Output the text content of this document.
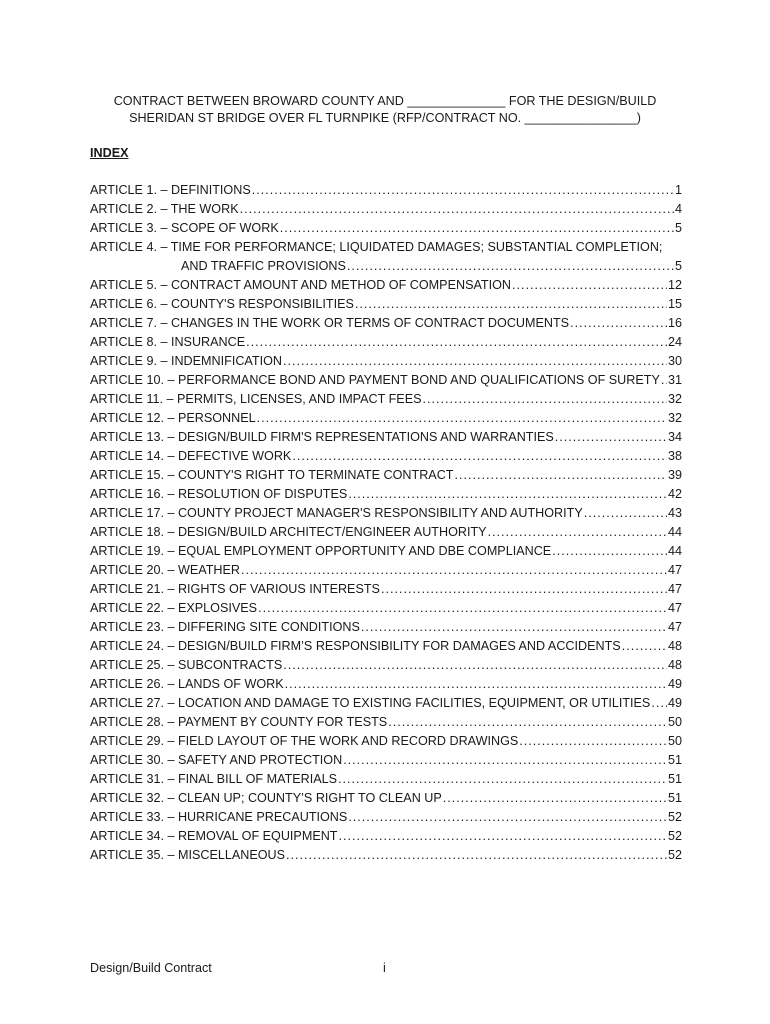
CONTRACT BETWEEN BROWARD COUNTY AND ______________ FOR THE DESIGN/BUILD
SHERIDAN ST BRIDGE OVER FL TURNPIKE (RFP/CONTRACT NO. ________________)
INDEX
ARTICLE 1. – DEFINITIONS .....	1
ARTICLE 2. – THE WORK .....	4
ARTICLE 3. – SCOPE OF WORK .....	5
ARTICLE 4. – TIME FOR PERFORMANCE; LIQUIDATED DAMAGES; SUBSTANTIAL COMPLETION;
AND TRAFFIC PROVISIONS .....	5
ARTICLE 5. – CONTRACT AMOUNT AND METHOD OF COMPENSATION .....	12
ARTICLE 6. – COUNTY'S RESPONSIBILITIES .....	15
ARTICLE 7. – CHANGES IN THE WORK OR TERMS OF CONTRACT DOCUMENTS .....	16
ARTICLE 8. – INSURANCE .....	24
ARTICLE 9. – INDEMNIFICATION .....	30
ARTICLE 10. – PERFORMANCE BOND AND PAYMENT BOND AND QUALIFICATIONS OF SURETY ..... 31
ARTICLE 11. – PERMITS, LICENSES, AND IMPACT FEES .....	32
ARTICLE 12. – PERSONNEL .....	32
ARTICLE 13. – DESIGN/BUILD FIRM'S REPRESENTATIONS AND WARRANTIES .....	34
ARTICLE 14. – DEFECTIVE WORK .....	38
ARTICLE 15. – COUNTY'S RIGHT TO TERMINATE CONTRACT .....	39
ARTICLE 16. – RESOLUTION OF DISPUTES .....	42
ARTICLE 17. – COUNTY PROJECT MANAGER'S RESPONSIBILITY AND AUTHORITY .....	43
ARTICLE 18. – DESIGN/BUILD ARCHITECT/ENGINEER AUTHORITY .....	44
ARTICLE 19. – EQUAL EMPLOYMENT OPPORTUNITY AND DBE COMPLIANCE .....	44
ARTICLE 20. – WEATHER .....	47
ARTICLE 21. – RIGHTS OF VARIOUS INTERESTS .....	47
ARTICLE 22. – EXPLOSIVES .....	47
ARTICLE 23. – DIFFERING SITE CONDITIONS .....	47
ARTICLE 24. – DESIGN/BUILD FIRM’S RESPONSIBILITY FOR DAMAGES AND ACCIDENTS .....	48
ARTICLE 25. – SUBCONTRACTS .....	48
ARTICLE 26. – LANDS OF WORK .....	49
ARTICLE 27. – LOCATION AND DAMAGE TO EXISTING FACILITIES, EQUIPMENT, OR UTILITIES ..... 49
ARTICLE 28. – PAYMENT BY COUNTY FOR TESTS .....	50
ARTICLE 29. – FIELD LAYOUT OF THE WORK AND RECORD DRAWINGS .....	50
ARTICLE 30. – SAFETY AND PROTECTION .....	51
ARTICLE 31. – FINAL BILL OF MATERIALS .....	51
ARTICLE 32. – CLEAN UP; COUNTY’S RIGHT TO CLEAN UP .....	51
ARTICLE 33. – HURRICANE PRECAUTIONS .....	52
ARTICLE 34. – REMOVAL OF EQUIPMENT .....	52
ARTICLE 35. – MISCELLANEOUS .....	52
Design/Build Contract	i
